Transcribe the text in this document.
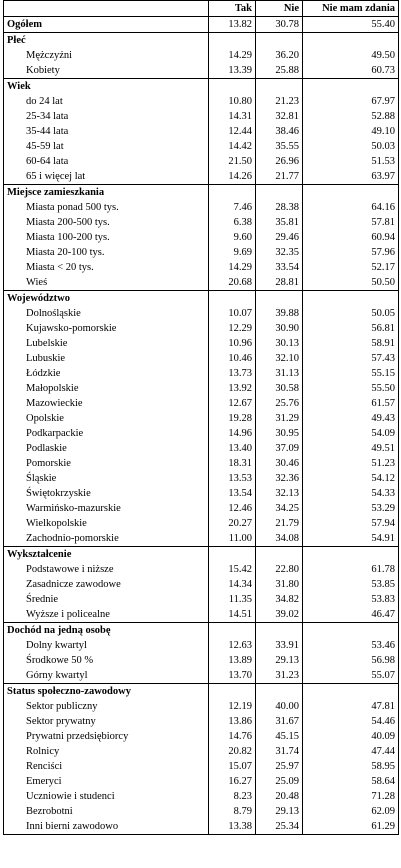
	Tak	Nie	Nie mam zdania
Ogółem	13.82	30.78	55.40
Płeć			
Mężczyźni	14.29	36.20	49.50
Kobiety	13.39	25.88	60.73
Wiek			
do 24 lat	10.80	21.23	67.97
25-34 lata	14.31	32.81	52.88
35-44 lata	12.44	38.46	49.10
45-59 lat	14.42	35.55	50.03
60-64 lata	21.50	26.96	51.53
65 i więcej lat	14.26	21.77	63.97
Miejsce zamieszkania			
Miasta ponad 500 tys.	7.46	28.38	64.16
Miasta 200-500 tys.	6.38	35.81	57.81
Miasta 100-200 tys.	9.60	29.46	60.94
Miasta 20-100 tys.	9.69	32.35	57.96
Miasta < 20 tys.	14.29	33.54	52.17
Wieś	20.68	28.81	50.50
Województwo			
Dolnośląskie	10.07	39.88	50.05
Kujawsko-pomorskie	12.29	30.90	56.81
Lubelskie	10.96	30.13	58.91
Lubuskie	10.46	32.10	57.43
Łódzkie	13.73	31.13	55.15
Małopolskie	13.92	30.58	55.50
Mazowieckie	12.67	25.76	61.57
Opolskie	19.28	31.29	49.43
Podkarpackie	14.96	30.95	54.09
Podlaskie	13.40	37.09	49.51
Pomorskie	18.31	30.46	51.23
Śląskie	13.53	32.36	54.12
Świętokrzyskie	13.54	32.13	54.33
Warmińsko-mazurskie	12.46	34.25	53.29
Wielkopolskie	20.27	21.79	57.94
Zachodnio-pomorskie	11.00	34.08	54.91
Wykształcenie			
Podstawowe i niższe	15.42	22.80	61.78
Zasadnicze zawodowe	14.34	31.80	53.85
Średnie	11.35	34.82	53.83
Wyższe i policealne	14.51	39.02	46.47
Dochód na jedną osobę			
Dolny kwartyl	12.63	33.91	53.46
Środkowe 50 %	13.89	29.13	56.98
Górny kwartyl	13.70	31.23	55.07
Status społeczno-zawodowy			
Sektor publiczny	12.19	40.00	47.81
Sektor prywatny	13.86	31.67	54.46
Prywatni przedsiębiorcy	14.76	45.15	40.09
Rolnicy	20.82	31.74	47.44
Renciści	15.07	25.97	58.95
Emeryci	16.27	25.09	58.64
Uczniowie i studenci	8.23	20.48	71.28
Bezrobotni	8.79	29.13	62.09
Inni bierni zawodowo	13.38	25.34	61.29
